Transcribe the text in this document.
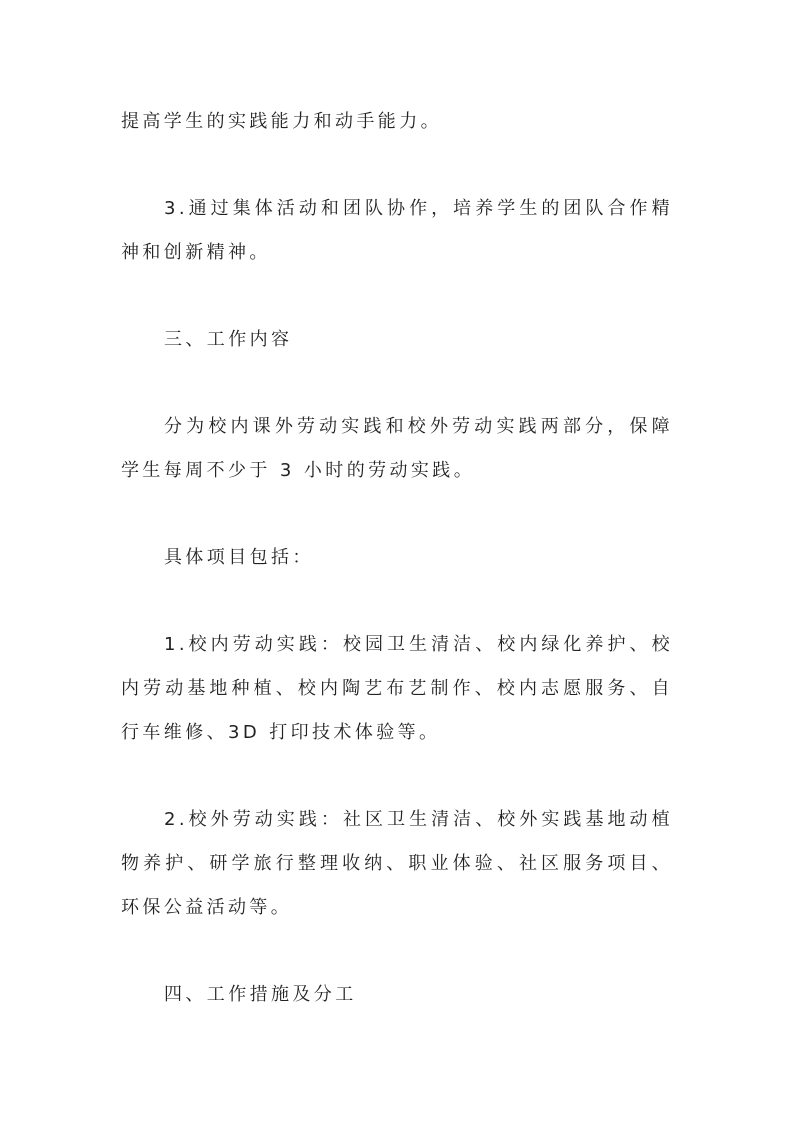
提高学生的实践能力和动手能力。

3.通过集体活动和团队协作，培养学生的团队合作精神和创新精神。

三、工作内容

分为校内课外劳动实践和校外劳动实践两部分，保障学生每周不少于 3 小时的劳动实践。

具体项目包括：

1.校内劳动实践：校园卫生清洁、校内绿化养护、校内劳动基地种植、校内陶艺布艺制作、校内志愿服务、自行车维修、3D 打印技术体验等。

2.校外劳动实践：社区卫生清洁、校外实践基地动植物养护、研学旅行整理收纳、职业体验、社区服务项目、环保公益活动等。

四、工作措施及分工
